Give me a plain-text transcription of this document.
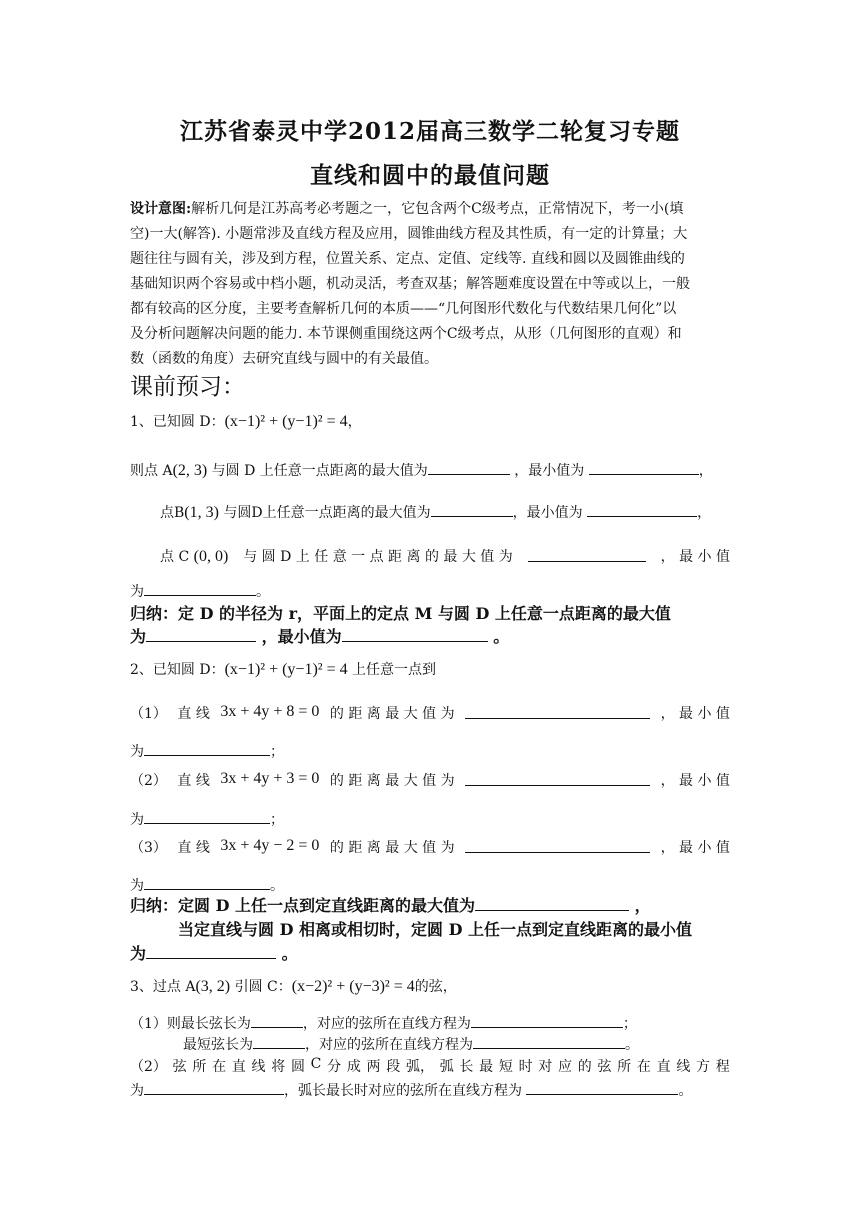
江苏省泰灵中学2012届高三数学二轮复习专题
直线和圆中的最值问题
设计意图:解析几何是江苏高考必考题之一，它包含两个C级考点，正常情况下，考一小(填
空)一大(解答). 小题常涉及直线方程及应用，圆锥曲线方程及其性质，有一定的计算量；大
题往往与圆有关，涉及到方程，位置关系、定点、定值、定线等. 直线和圆以及圆锥曲线的
基础知识两个容易或中档小题，机动灵活，考查双基；解答题难度设置在中等或以上，一般
都有较高的区分度，主要考查解析几何的本质——“几何图形代数化与代数结果几何化”以
及分析问题解决问题的能力. 本节课侧重围绕这两个C级考点，从形（几何图形的直观）和
数（函数的角度）去研究直线与圆中的有关最值。
课前预习：
1、已知圆 D：(x−1)² + (y−1)² = 4，
则点 A(2, 3) 与圆 D 上任意一点距离的最大值为	，最小值为	，
点B(1, 3) 与圆D上任意一点距离的最大值为	，最小值为	，
点 C (0, 0) 与 圆 D 上 任 意 一 点 距 离 的 最 大 值 为	， 最 小 值
为	。
归纳：定 D 的半径为 r，平面上的定点 M 与圆 D 上任意一点距离的最大值
为	，最小值为	。
2、已知圆 D：(x−1)² + (y−1)² = 4 上任意一点到
（1） 直 线 3x + 4y + 8 = 0 的 距 离 最 大 值 为	， 最 小 值
为	；
（2） 直 线 3x + 4y + 3 = 0 的 距 离 最 大 值 为	， 最 小 值
为	；
（3） 直 线 3x + 4y − 2 = 0 的 距 离 最 大 值 为	， 最 小 值
为	。
归纳：定圆 D 上任一点到定直线距离的最大值为	，
当定直线与圆 D 相离或相切时，定圆 D 上任一点到定直线距离的最小值
为	。
3、过点 A(3, 2) 引圆 C：(x−2)² + (y−3)² = 4的弦，
（1）则最长弦长为	，对应的弦所在直线方程为	；
最短弦长为	，对应的弦所在直线方程为	。
（2） 弦 所 在 直 线 将 圆 C 分 成 两 段 弧， 弧 长 最 短 时 对 应 的 弦 所 在 直 线 方 程
为	，弧长最长时对应的弦所在直线方程为	。
